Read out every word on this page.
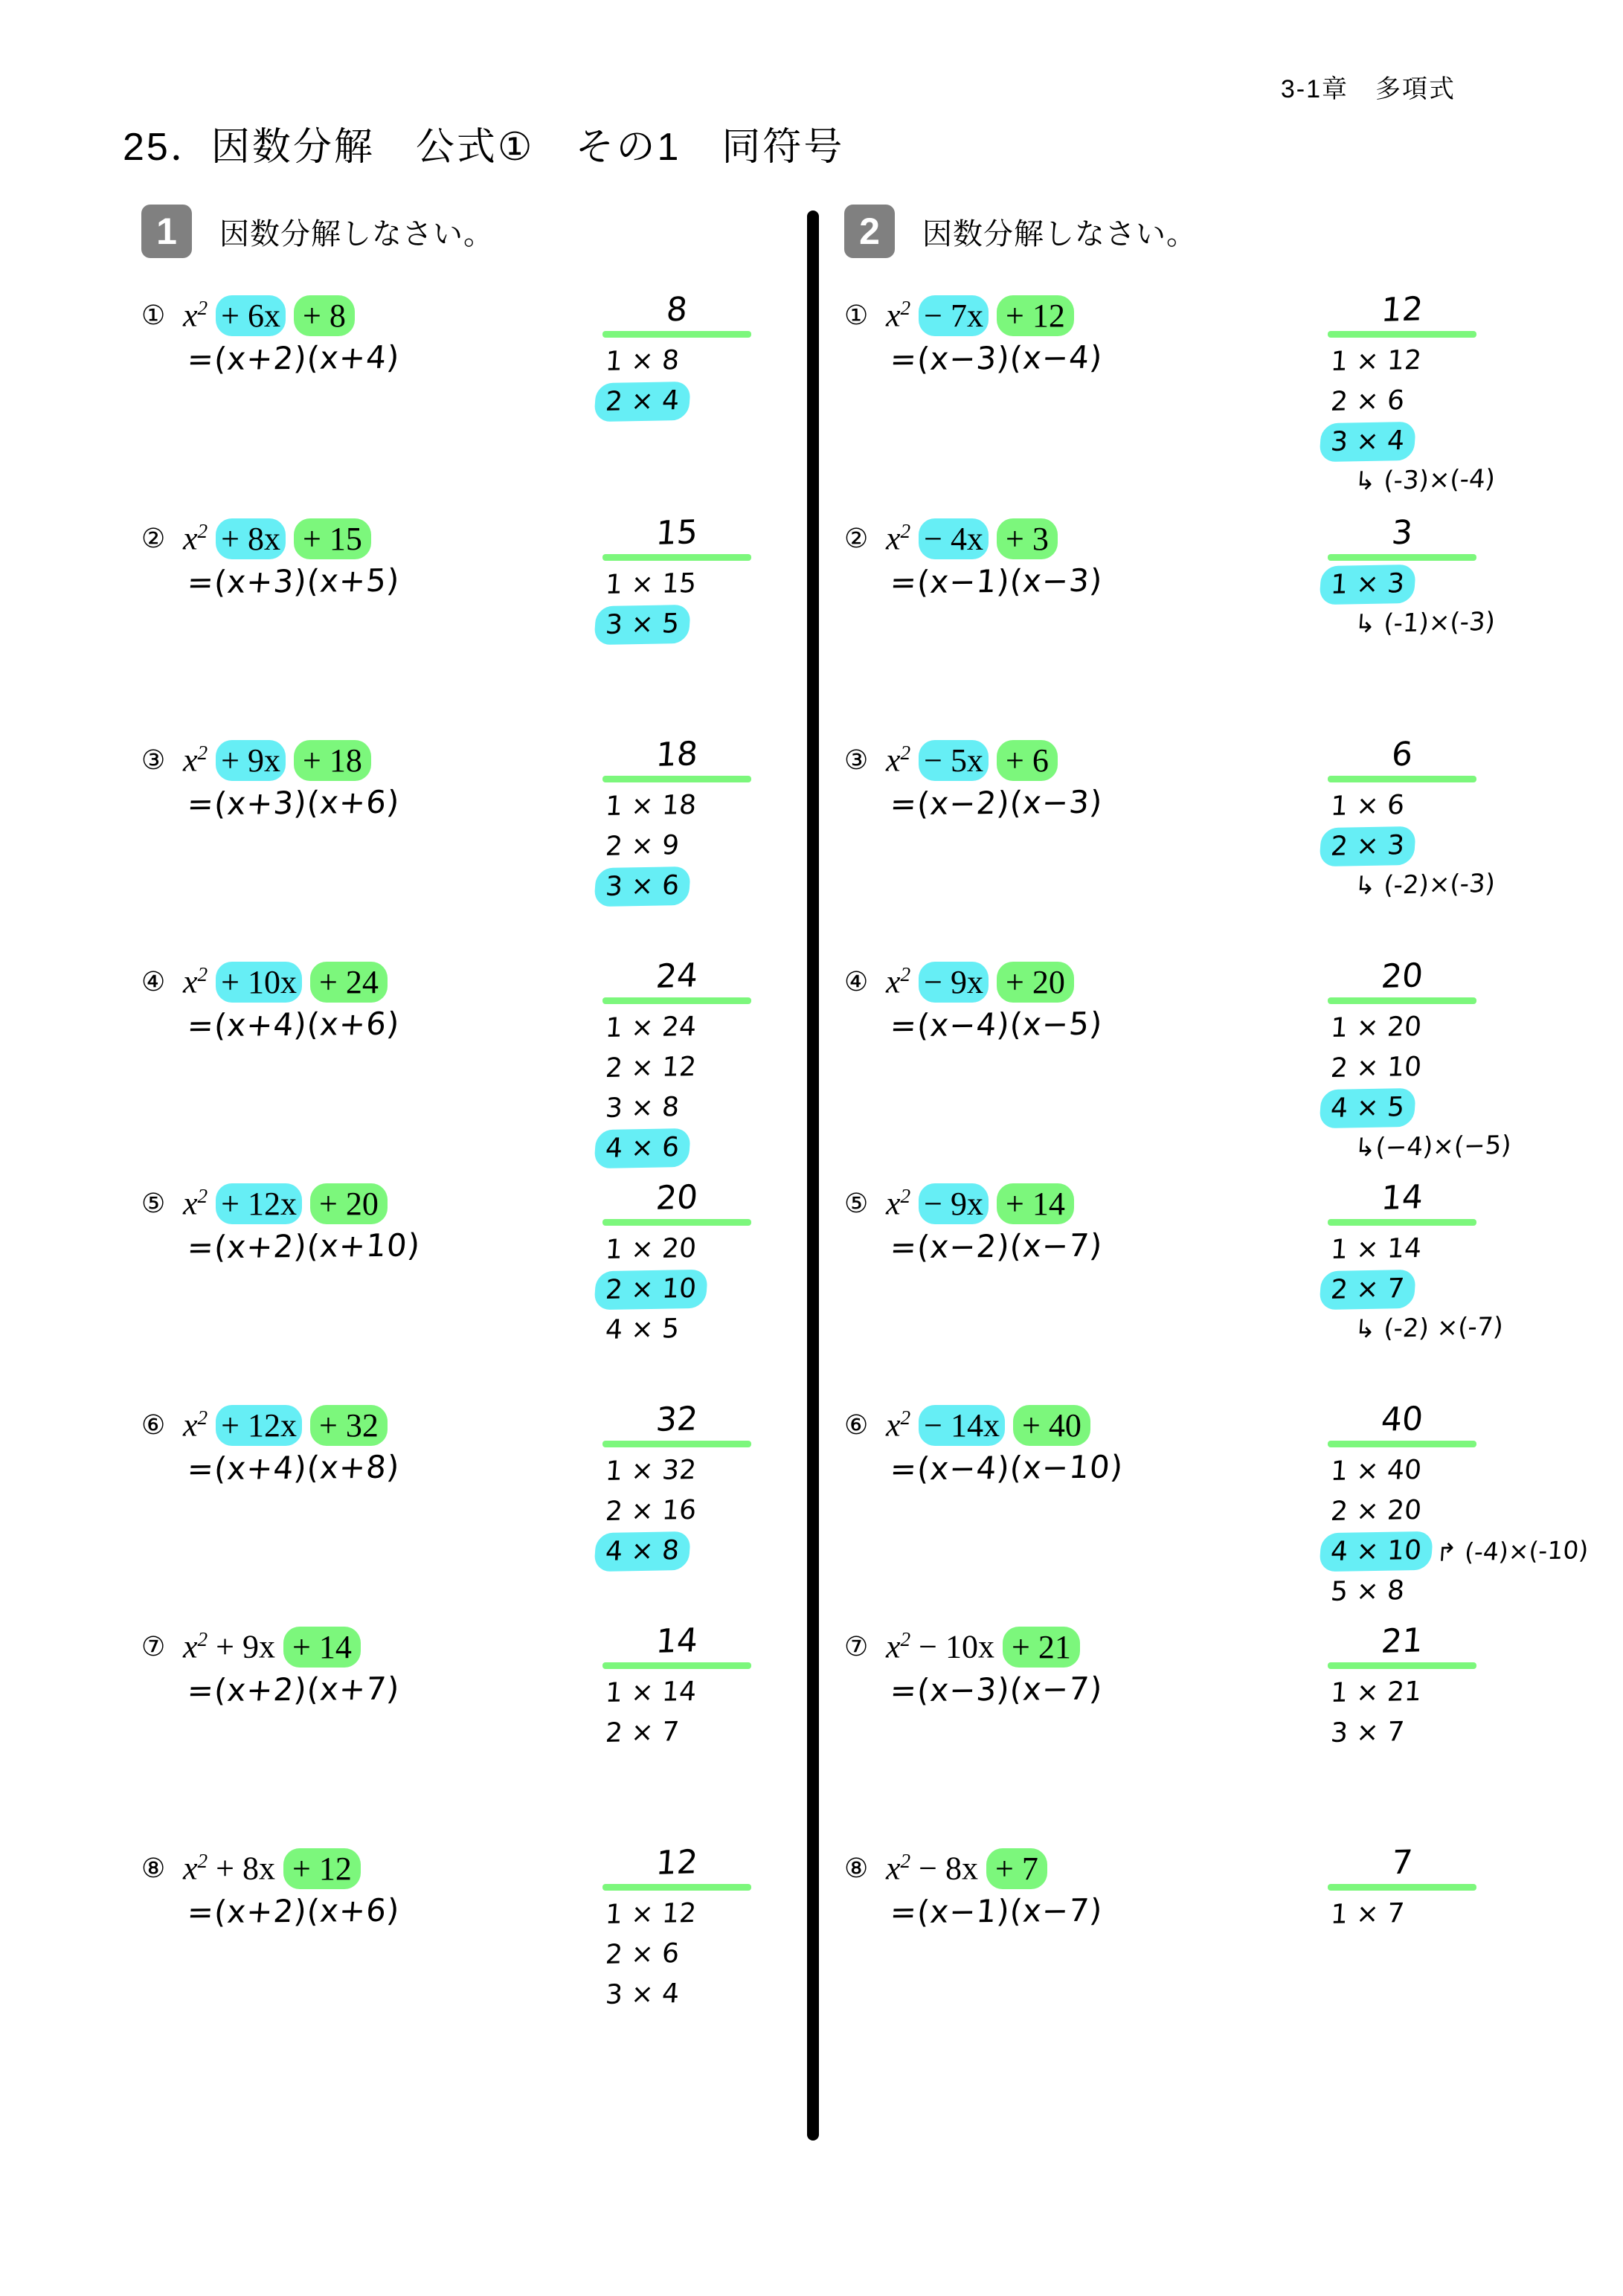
3-1章　多項式
25．因数分解　公式①　その1　同符号
1	因数分解しなさい。
① $x^2 + 6x + 8$
=(x+2)(x+4)
8
1 × 8
2 × 4
② $x^2 + 8x + 15$
=(x+3)(x+5)
15
1 × 15
3 × 5
③ $x^2 + 9x + 18$
=(x+3)(x+6)
18
1 × 18
2 × 9
3 × 6
④ $x^2 + 10x + 24$
=(x+4)(x+6)
24
1 × 24
2 × 12
3 × 8
4 × 6
⑤ $x^2 + 12x + 20$
=(x+2)(x+10)
20
1 × 20
2 × 10
4 × 5
⑥ $x^2 + 12x + 32$
=(x+4)(x+8)
32
1 × 32
2 × 16
4 × 8
⑦ $x^2 + 9x + 14$
=(x+2)(x+7)
14
1 × 14
2 × 7
⑧ $x^2 + 8x + 12$
=(x+2)(x+6)
12
1 × 12
2 × 6
3 × 4
2	因数分解しなさい。
① $x^2 - 7x + 12$
=(x−3)(x−4)
12
1 × 12
2 × 6
3 × 4
↳ (-3)×(-4)
② $x^2 - 4x + 3$
=(x−1)(x−3)
3
1 × 3
↳ (-1)×(-3)
③ $x^2 - 5x + 6$
=(x−2)(x−3)
6
1 × 6
2 × 3
↳ (-2)×(-3)
④ $x^2 - 9x + 20$
=(x−4)(x−5)
20
1 × 20
2 × 10
4 × 5
↳(−4)×(−5)
⑤ $x^2 - 9x + 14$
=(x−2)(x−7)
14
1 × 14
2 × 7
↳ (-2) ×(-7)
⑥ $x^2 - 14x + 40$
=(x−4)(x−10)
40
1 × 40
2 × 20
4 × 10 ↱ (-4)×(-10)
5 × 8
⑦ $x^2 - 10x + 21$
=(x−3)(x−7)
21
1 × 21
3 × 7
⑧ $x^2 - 8x + 7$
=(x−1)(x−7)
7
1 × 7
